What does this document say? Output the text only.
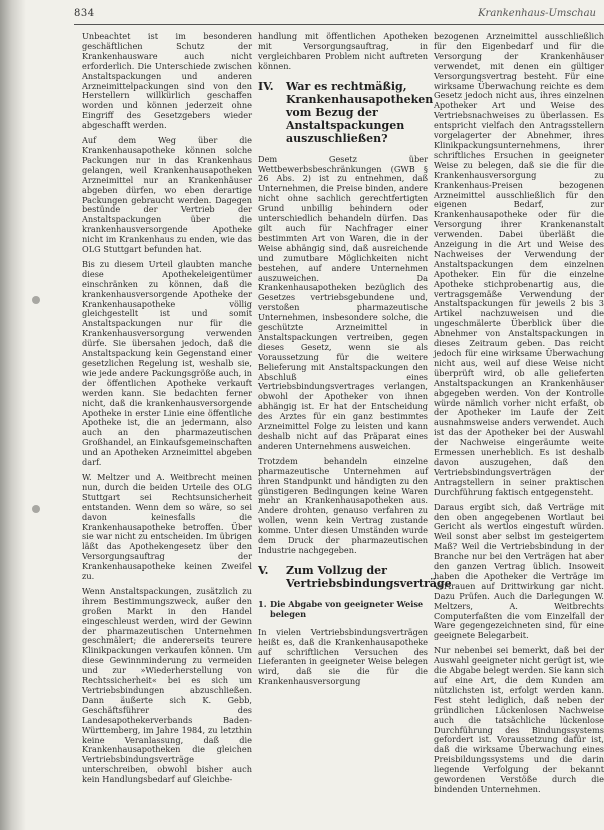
834	Krankenhaus-Umschau

Unbeachtet ist im besonderen geschäftlichen Schutz der Krankenhausware auch nicht erforderlich. Die Unterschiede zwischen Anstaltspackungen und anderen Arzneimittelpackungen sind von den Herstellern willkürlich geschaffen worden und können jederzeit ohne Eingriff des Gesetzgebers wieder abgeschafft werden.

Auf dem Weg über die Krankenhausapotheke können solche Packungen nur in das Krankenhaus gelangen, weil Krankenhausapotheken Arzneimittel nur an Krankenhäuser abgeben dürfen, wo eben derartige Packungen gebraucht werden. Dagegen bestünde der Vertrieb der Anstaltspackungen über die krankenhausversorgende Apotheke nicht im Krankenhaus zu enden, wie das OLG Stuttgart befunden hat.

Bis zu diesem Urteil glaubten manche diese Apothekeleigentümer einschränken zu können, daß die krankenhausversorgende Apotheke der Krankenhausapotheke völlig gleichgestellt ist und somit Anstaltspackungen nur für die Krankenhausversorgung verwenden dürfe. Sie übersahen jedoch, daß die Anstaltspackung kein Gegenstand einer gesetzlichen Regelung ist, weshalb sie, wie jede andere Packungsgröße auch, in der öffentlichen Apotheke verkauft werden kann. Sie bedachten ferner nicht, daß die krankenhausversorgende Apotheke in erster Linie eine öffentliche Apotheke ist, die an jedermann, also auch an den pharmazeutischen Großhandel, an Einkaufsgemeinschaften und an Apotheken Arzneimittel abgeben darf.

W. Meltzer und A. Weitbrecht meinen nun, durch die beiden Urteile des OLG Stuttgart sei Rechtsunsicherheit entstanden. Wenn dem so wäre, so sei davon keinesfalls die Krankenhausapotheke betroffen. Über sie war nicht zu entscheiden. Im übrigen läßt das Apothekengesetz über den Versorgungsauftrag der Krankenhausapotheke keinen Zweifel zu.

Wenn Anstaltspackungen, zusätzlich zu ihrem Bestimmungszweck, außer den großen Markt in den Handel eingeschleust werden, wird der Gewinn der pharmazeutischen Unternehmen geschmälert; die andererseits teurere Klinikpackungen verkaufen können. Um diese Gewinnminderung zu vermeiden und zur »Wiederherstellung von Rechtssicherheit« bei es sich um Vertriebsbindungen abzuschließen. Dann äußerte sich K. Gebb, Geschäftsführer des Landesapothekerverbands Baden-Württemberg, im Jahre 1984, zu letzthin keine Veranlassung, daß die Krankenhausapotheken die gleichen Vertriebsbindungsverträge unterschreiben, obwohl bisher auch kein Handlungsbedarf auf Gleichbe-

handlung mit öffentlichen Apotheken mit Versorgungsauftrag, in vergleichbaren Problem nicht auftreten können.

IV. War es rechtmäßig, Krankenhausapotheken vom Bezug der Anstaltspackungen auszuschließen?

Dem Gesetz über Wettbewerbsbeschränkungen (GWB § 26 Abs. 2) ist zu entnehmen, daß Unternehmen, die Preise binden, andere nicht ohne sachlich gerechtfertigten Grund unbillig behindern oder unterschiedlich behandeln dürfen. Das gilt auch für Nachfrager einer bestimmten Art von Waren, die in der Weise abhängig sind, daß ausreichende und zumutbare Möglichkeiten nicht bestehen, auf andere Unternehmen auszuweichen. Da Krankenhausapotheken bezüglich des Gesetzes vertriebsgebundene und, verstoßen pharmazeutische Unternehmen, insbesondere solche, die geschützte Arzneimittel in Anstaltspackungen vertreiben, gegen dieses Gesetz, wenn sie als Voraussetzung für die weitere Belieferung mit Anstaltspackungen den Abschluß eines Vertriebsbindungsvertrages verlangen, obwohl der Apotheker von ihnen abhängig ist. Er hat der Entscheidung des Arztes für ein ganz bestimmtes Arzneimittel Folge zu leisten und kann deshalb nicht auf das Präparat eines anderen Unternehmens ausweichen.

Trotzdem behandeln einzelne pharmazeutische Unternehmen auf ihren Standpunkt und händigten zu den günstigeren Bedingungen keine Waren mehr an Krankenhausapotheken aus. Andere drohten, genauso verfahren zu wollen, wenn kein Vertrag zustande komme. Unter diesen Umständen wurde dem Druck der pharmazeutischen Industrie nachgegeben.

V. Zum Vollzug der Vertriebsbindungsverträge
1. Die Abgabe von geeigneter Weise belegen

In vielen Vertriebsbindungsverträgen heißt es, daß die Krankenhausapotheke auf schriftlichen Versuchen des Lieferanten in geeigneter Weise belegen wird, daß sie die für die Krankenhausversorgung

bezogenen Arzneimittel ausschließlich für den Eigenbedarf und für die Versorgung der Krankenhäuser verwendet, mit denen ein gültiger Versorgungsvertrag besteht. Für eine wirksame Überwachung reichte es dem Gesetz jedoch nicht aus, ihres einzelnen Apotheker Art und Weise des Vertriebsnachweises zu überlassen. Es entspricht vielfach den Antragsstellern vorgelagerter der Abnehmer, ihres Klinikpackungsunternehmens, ihrer schriftliches Ersuchen in geeigneter Weise zu belegen, daß sie die für die Krankenhausversorgung zu Krankenhaus-Preisen bezogenen Arzneimittel ausschließlich für den eigenen Bedarf, zur Krankenhausapotheke oder für die Versorgung ihrer Krankenanstalt verwenden. Dabei überläßt die Anzeigung in die Art und Weise des Nachweises der Verwendung der Anstaltspackungen dem einzelnen Apotheker. Ein für die einzelne Apotheke stichprobenartig aus, die vertragsgemäße Verwendung der Anstaltspackungen für jeweils 2 bis 3 Artikel nachzuweisen und die ungeschmälerte Überblick über die Abnehmer von Anstaltspackungen in dieses Zeitraum geben. Das reicht jedoch für eine wirksame Überwachung nicht aus, weil auf diese Weise nicht überprüft wird, ob alle gelieferten Anstaltspackungen an Krankenhäuser abgegeben werden. Von der Kontrolle würde nämlich vorher nicht erfaßt, ob der Apotheker im Laufe der Zeit ausnahmsweise anders verwendet. Auch ist das der Apotheker bei der Auswahl der Nachweise eingeräumte weite Ermessen unerheblich. Es ist deshalb davon auszugehen, daß den Vertriebsbindungsverträgen der Antragstellern in seiner praktischen Durchführung faktisch entgegensteht.

Daraus ergibt sich, daß Verträge mit den oben angegebenen Wortlaut bei Gericht als wertlos eingestuft würden. Weil sonst aber selbst im gesteigertem Maß? Weil die Vertriebsbindung in der Branche nur bei den Verträgen hat aber den ganzen Vertrag üblich. Insoweit haben die Apotheker die Verträge im Vertrauen auf Drittwirkung gar nicht. Dazu Prüfen. Auch die Darlegungen W. Meltzers, A. Weitbrechts Computerfaßten die vom Einzelfall der Ware gegengezeichneten sind, für eine geeignete Belegarbeit.

Nur nebenbei sei bemerkt, daß bei der Auswahl geeigneter nicht gerügt ist, wie die Abgabe belegt werden. Sie kann sich auf eine Art, die dem Kunden am nützlichsten ist, erfolgt werden kann. Fest steht lediglich, daß neben der gründlichen Lückenlosen Nachweise auch die tatsächliche lückenlose Durchführung des Bindungssystems gefordert ist. Voraussetzung dafür ist, daß die wirksame Überwachung eines Preisbildungssystems und die darin liegende Verfolgung der bekannt gewordenen Verstöße durch die bindenden Unternehmen.
